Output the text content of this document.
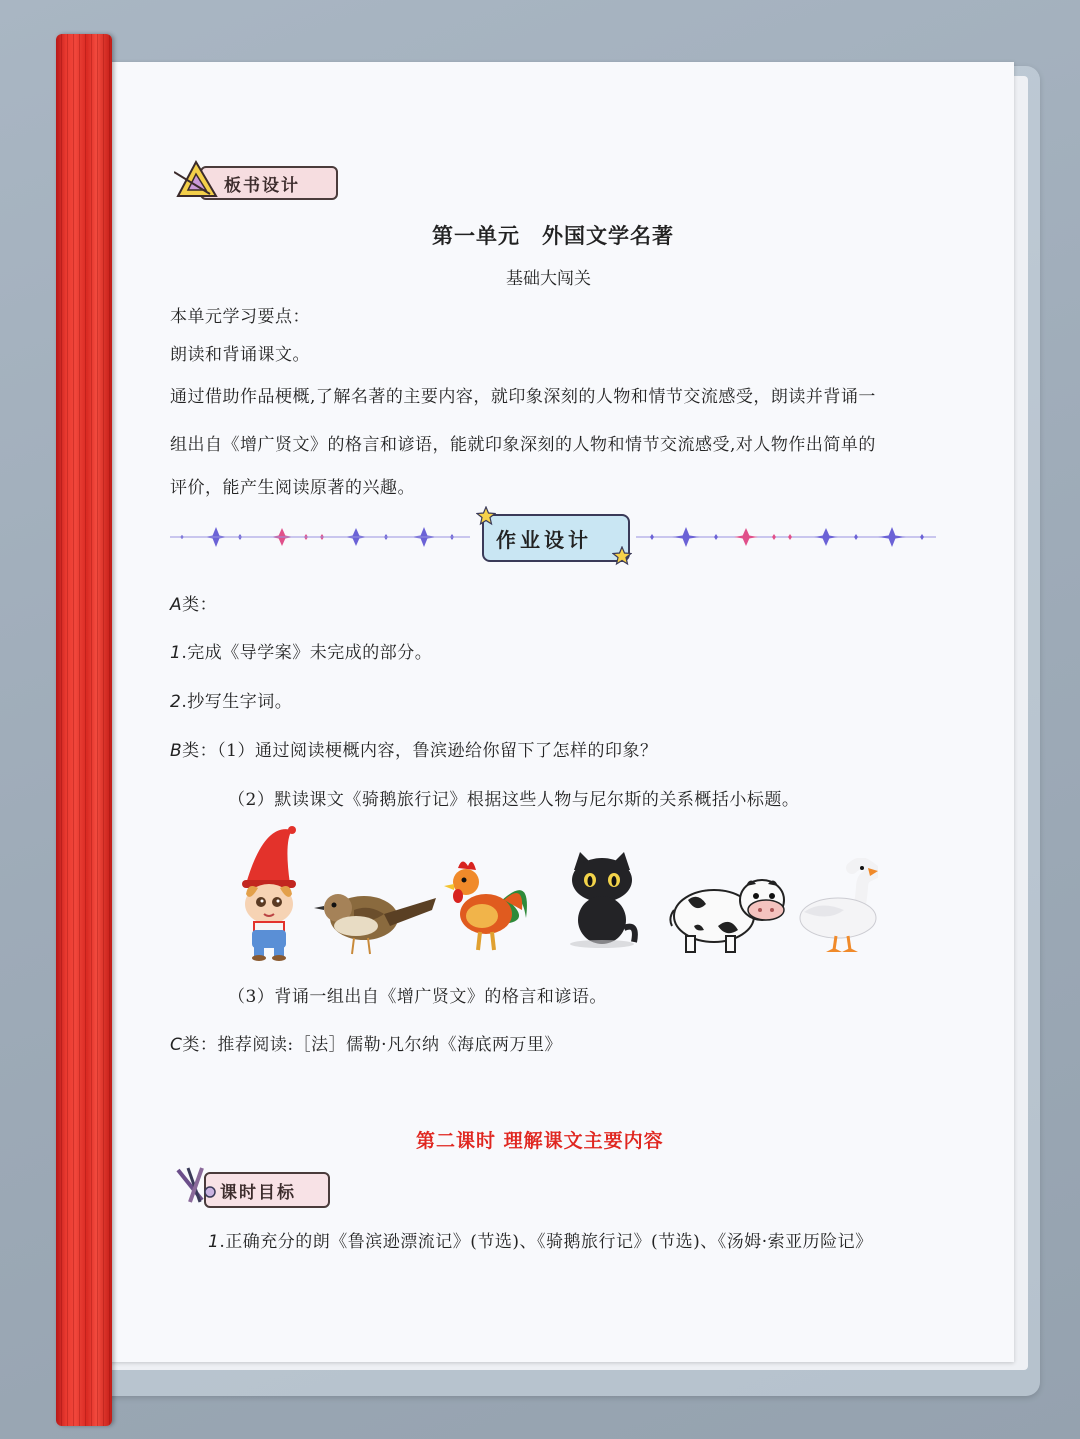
板书设计
第一单元　外国文学名著
基础大闯关
本单元学习要点：
朗读和背诵课文。
通过借助作品梗概,了解名著的主要内容，就印象深刻的人物和情节交流感受，朗读并背诵一
组出自《增广贤文》的格言和谚语，能就印象深刻的人物和情节交流感受,对人物作出简单的
评价，能产生阅读原著的兴趣。
作业设计
A类：
1.完成《导学案》未完成的部分。
2.抄写生字词。
B类：（1）通过阅读梗概内容，鲁滨逊给你留下了怎样的印象？
（2）默读课文《骑鹅旅行记》根据这些人物与尼尔斯的关系概括小标题。
（3）背诵一组出自《增广贤文》的格言和谚语。
C类：推荐阅读:［法］儒勒·凡尔纳《海底两万里》
第二课时 理解课文主要内容
课时目标
1.正确充分的朗《鲁滨逊漂流记》(节选)、《骑鹅旅行记》(节选)、《汤姆·索亚历险记》
